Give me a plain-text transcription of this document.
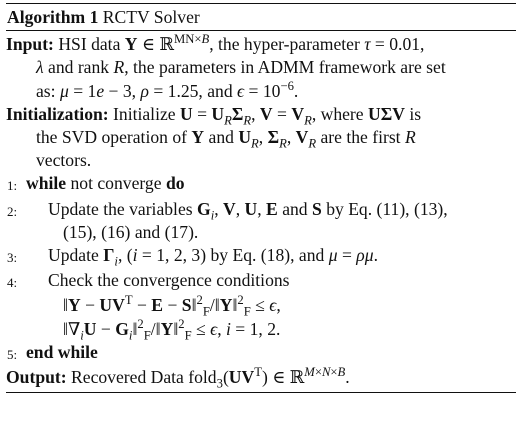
Algorithm 1 RCTV Solver
Input: HSI data Y ∈ ℝ$^{MN\times B}$, the hyper-parameter τ = 0.01,
λ and rank R, the parameters in ADMM framework are set
as: μ = 1e − 3, ρ = 1.25, and $\epsilon = 10^{-6}$.
Initialization: Initialize $U = U_R\Sigma_R$, $V = V_R$, where UΣV is
the SVD operation of Y and $U_R$, $\Sigma_R$, $V_R$ are the first R
vectors.
1: while not converge do
2:	Update the variables $G_i$, V, U, E and S by Eq. (11), (13),
(15), (16) and (17).
3:	Update $\Gamma_i$, (i = 1, 2, 3) by Eq. (18), and μ = ρμ.
4:	Check the convergence conditions
‖Y − $UV^T - E$ − S‖$^2_F$/‖Y‖$^2_F$ ≤ ϵ,
$‖\nabla_iU$ − $G_i‖^2_F/‖Y‖^2_F \le \epsilon$, i = 1, 2.
5: end while
Output: Recovered Data $fold_3(UV^T)$ ∈ ℝ$^{M\times N\times B}$.
